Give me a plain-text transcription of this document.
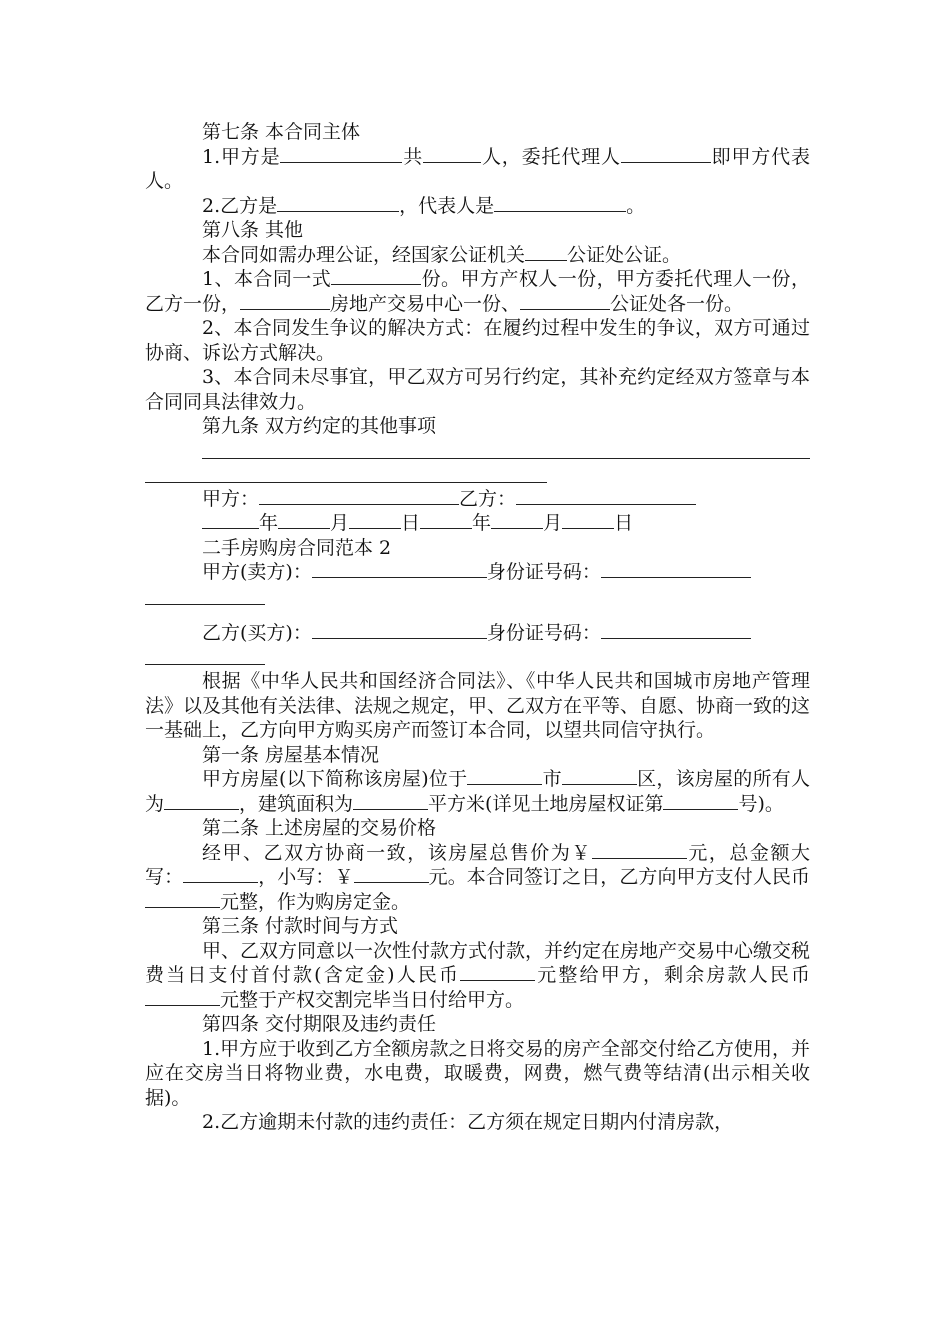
第七条 本合同主体

1.甲方是	共	人，委托代理人	即甲方代表人。

2.乙方是	，代表人是	。

第八条 其他

本合同如需办理公证，经国家公证机关 公证处公证。

1、本合同一式	份。甲方产权人一份，甲方委托代理人一份，乙方一份，	房地产交易中心一份、	公证处各一份。

2、本合同发生争议的解决方式：在履约过程中发生的争议，双方可通过协商、诉讼方式解决。

3、本合同未尽事宜，甲乙双方可另行约定，其补充约定经双方签章与本合同同具法律效力。

第九条 双方约定的其他事项

甲方：	乙方：

年	月	日	年	月	日

二手房购房合同范本 2

甲方(卖方)：	身份证号码：

乙方(买方)：	身份证号码：

根据《中华人民共和国经济合同法》、《中华人民共和国城市房地产管理法》以及其他有关法律、法规之规定，甲、乙双方在平等、自愿、协商一致的这一基础上，乙方向甲方购买房产而签订本合同，以望共同信守执行。

第一条 房屋基本情况

甲方房屋(以下简称该房屋)位于	市	区，该房屋的所有人为	，建筑面积为	平方米(详见土地房屋权证第	号)。

第二条 上述房屋的交易价格

经甲、乙双方协商一致，该房屋总售价为￥	元，总金额大写：	，小写：￥	元。本合同签订之日，乙方向甲方支付人民币元整，作为购房定金。

第三条 付款时间与方式

甲、乙双方同意以一次性付款方式付款，并约定在房地产交易中心缴交税费当日支付首付款(含定金)人民币	元整给甲方，剩余房款人民币元整于产权交割完毕当日付给甲方。

第四条 交付期限及违约责任

1.甲方应于收到乙方全额房款之日将交易的房产全部交付给乙方使用，并应在交房当日将物业费，水电费，取暖费，网费，燃气费等结清(出示相关收据)。

2.乙方逾期未付款的违约责任：乙方须在规定日期内付清房款，
